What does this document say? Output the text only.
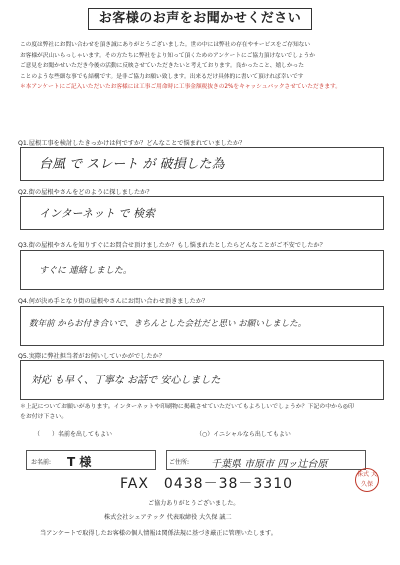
お客様のお声をお聞かせください
この度は弊社にお問い合わせを頂き誠にありがとうございました。世の中には弊社の存在やサービスをご存知ない
お客様が沢山いらっしゃいます。その方たちに弊社をより知って頂くためのアンケートにご協力頂けないでしょうか
ご意見をお聞かせいただき今後の活動に反映させていただきたいと考えております。良かったこと、嬉しかった
ことのような些細な事でも結構です。是非ご協力お願い致します。出来るだけ具体的に書いて頂ければ幸いです
＊本アンケートにご記入いただいたお客様には工事ご用命時に工事金額税抜きの2%をキャッシュバックさせていただきます。
Q1.屋根工事を検討したきっかけは何ですか？どんなことで悩まれていましたか？
台風 で スレート が 破損した為
Q2.街の屋根やさんをどのように探しましたか？
インターネット で 検索
Q3.街の屋根やさんを知りすぐにお問合せ頂けましたか？もし悩まれたとしたらどんなことがご不安でしたか？
すぐに 連絡しました。
Q4.何が決め手となり街の屋根やさんにお問い合わせ頂きましたか？
数年前 からお付き合いで、きちんとした会社だと思い お願いしました。
Q5.実際に弊社担当者がお伺いしていかがでしたか？
対応 も早く、丁寧な お話で 安心しました
＊上記についてお願いがあります。インターネットや印刷物に掲載させていただいてもよろしいでしょうか？下記の中から◎印
をお付け下さい。
（　　）名前を出してもよい	（○）イニシャルなら出してもよい
お名前: T 様	ご住所: 千葉県 市原市 四ッ辻台原
FAX　0438－38－3310
ご協力ありがとうございました。
株式会社シェアテック 代表取締役 大久保 誠二
当アンケートで取得したお客様の個人情報は関係法規に基づき厳正に管理いたします。
株式 大久保
